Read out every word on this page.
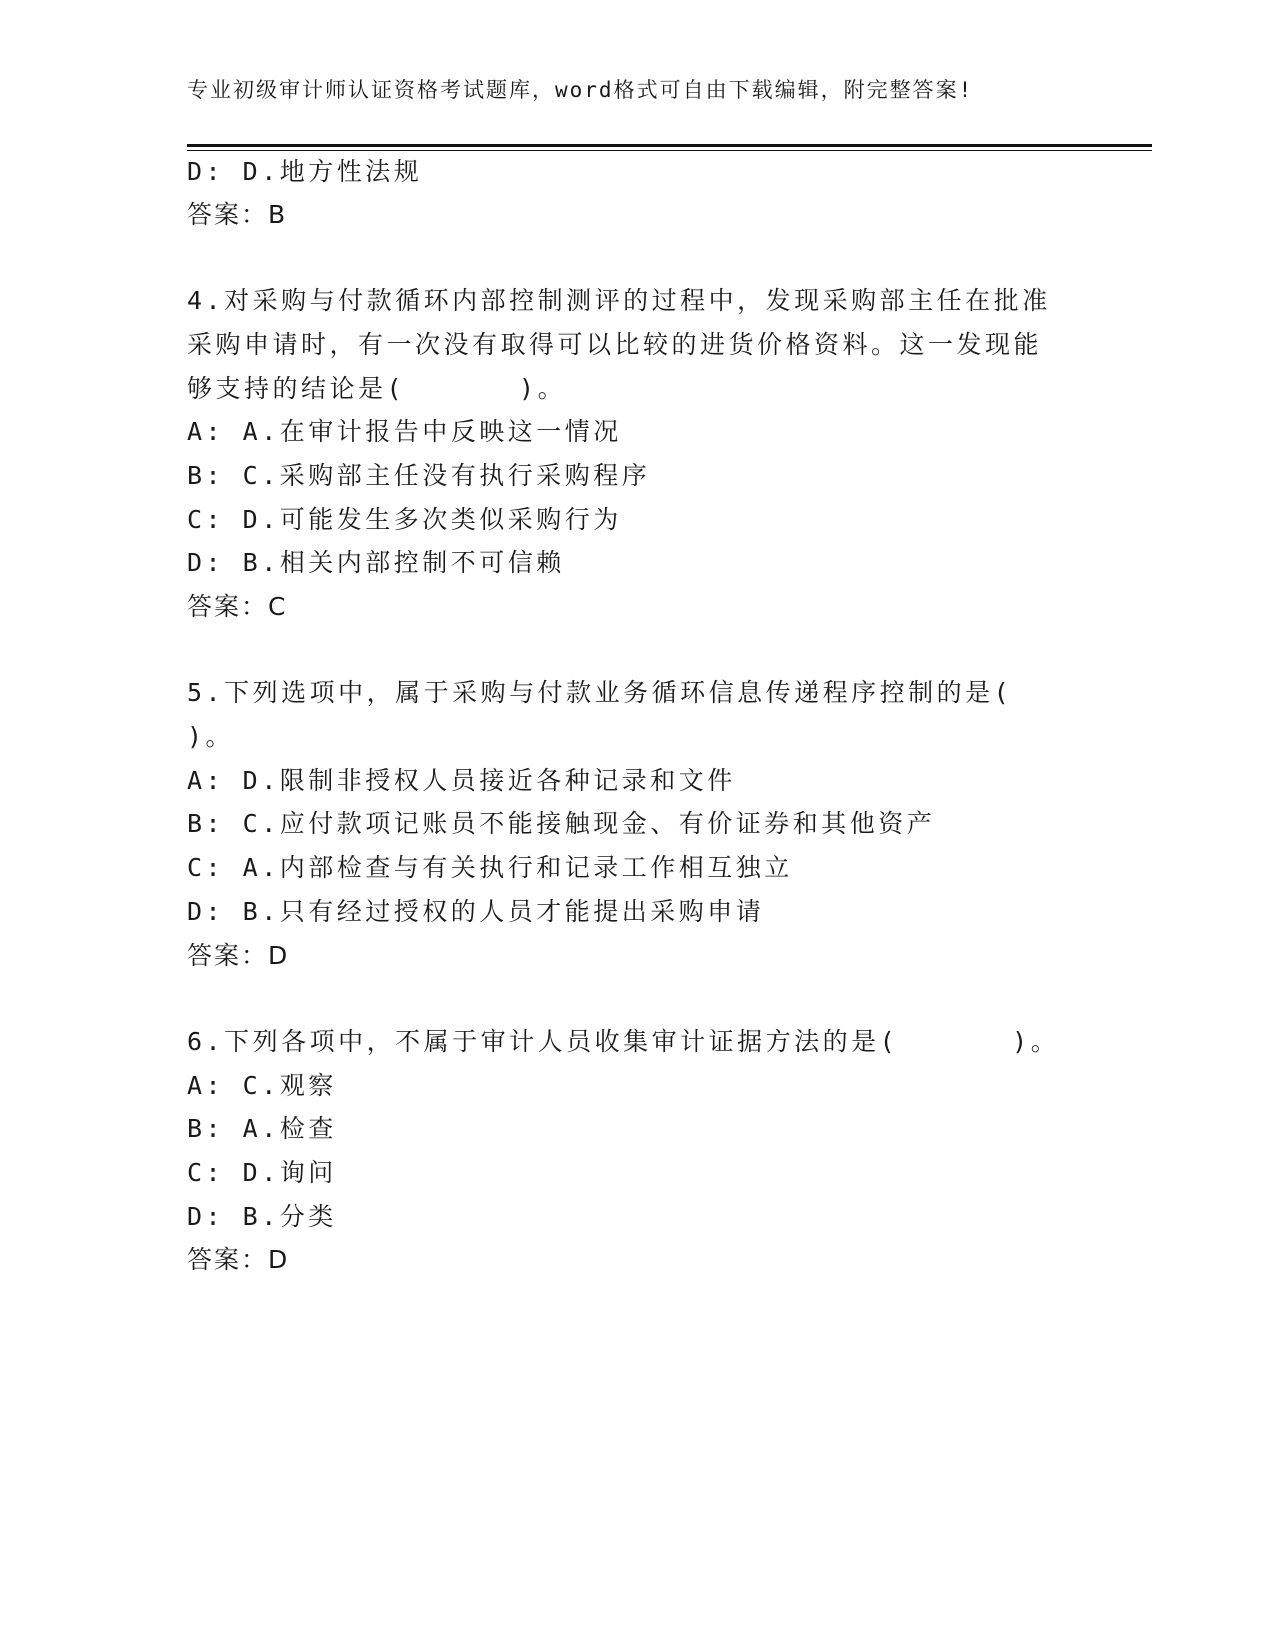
专业初级审计师认证资格考试题库，word格式可自由下载编辑，附完整答案!
D: D.地方性法规
答案：B
4.对采购与付款循环内部控制测评的过程中，发现采购部主任在批准
采购申请时，有一次没有取得可以比较的进货价格资料。这一发现能
够支持的结论是(　　　　)。
A: A.在审计报告中反映这一情况
B: C.采购部主任没有执行采购程序
C: D.可能发生多次类似采购行为
D: B.相关内部控制不可信赖
答案：C
5.下列选项中，属于采购与付款业务循环信息传递程序控制的是(
)。
A: D.限制非授权人员接近各种记录和文件
B: C.应付款项记账员不能接触现金、有价证券和其他资产
C: A.内部检查与有关执行和记录工作相互独立
D: B.只有经过授权的人员才能提出采购申请
答案：D
6.下列各项中，不属于审计人员收集审计证据方法的是(　　　　)。
A: C.观察
B: A.检查
C: D.询问
D: B.分类
答案：D
